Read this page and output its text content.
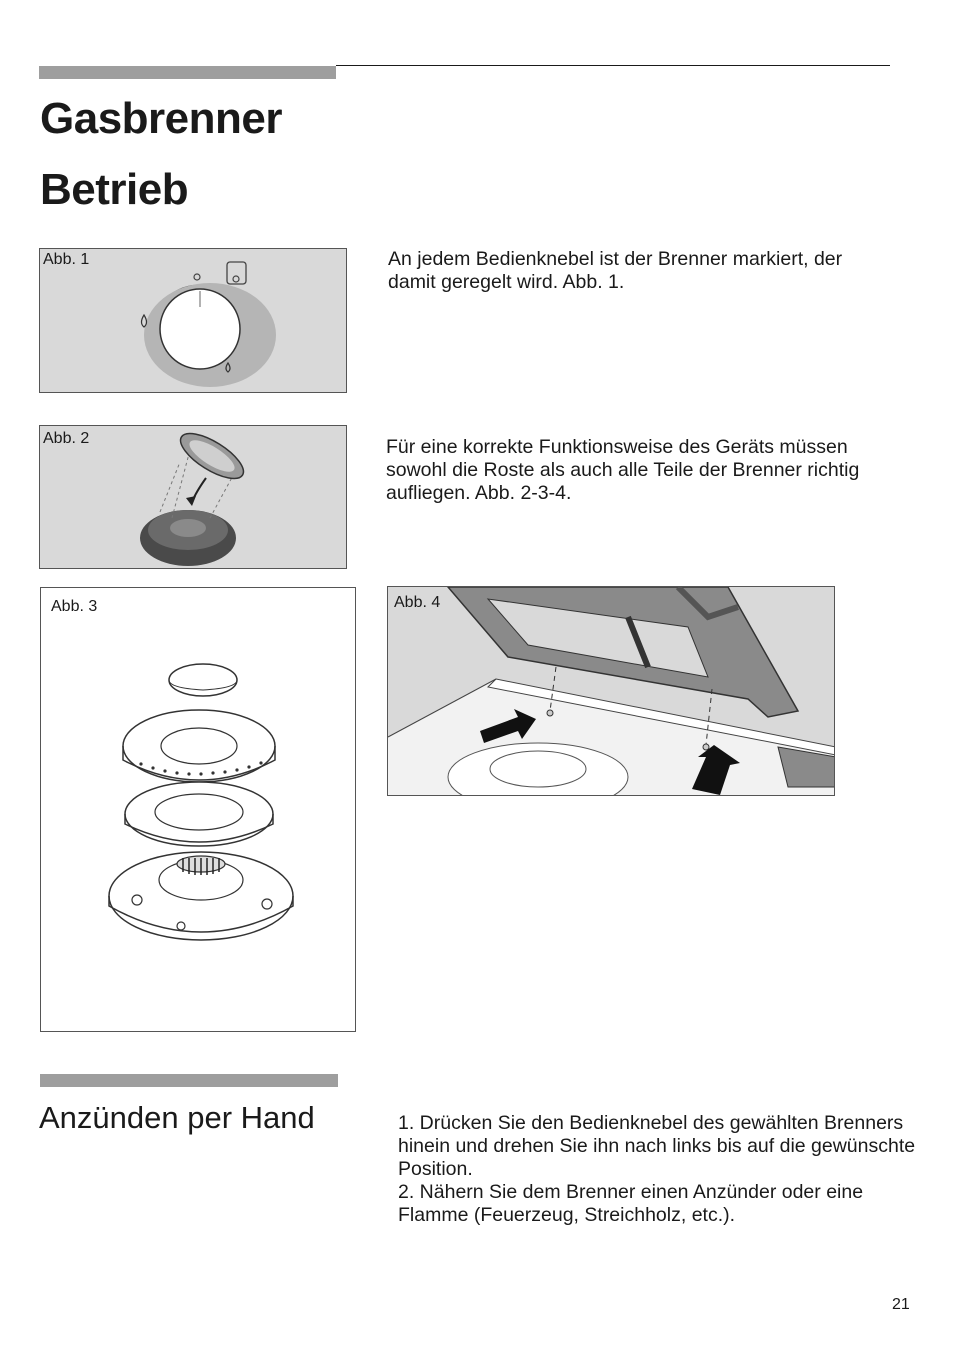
Gasbrenner
Betrieb
Abb. 1	An jedem Bedienknebel ist der Brenner markiert, der damit geregelt wird. Abb. 1.
Abb. 2	Für eine korrekte Funktionsweise des Geräts müssen sowohl die Roste als auch alle Teile der Brenner richtig aufliegen. Abb. 2-3-4.
Abb. 3	Abb. 4
Anzünden per Hand	1. Drücken Sie den Bedienknebel des gewählten Brenners hinein und drehen Sie ihn nach links bis auf die gewünschte Position.
2. Nähern Sie dem Brenner einen Anzünder oder eine Flamme (Feuerzeug, Streichholz, etc.).
21
